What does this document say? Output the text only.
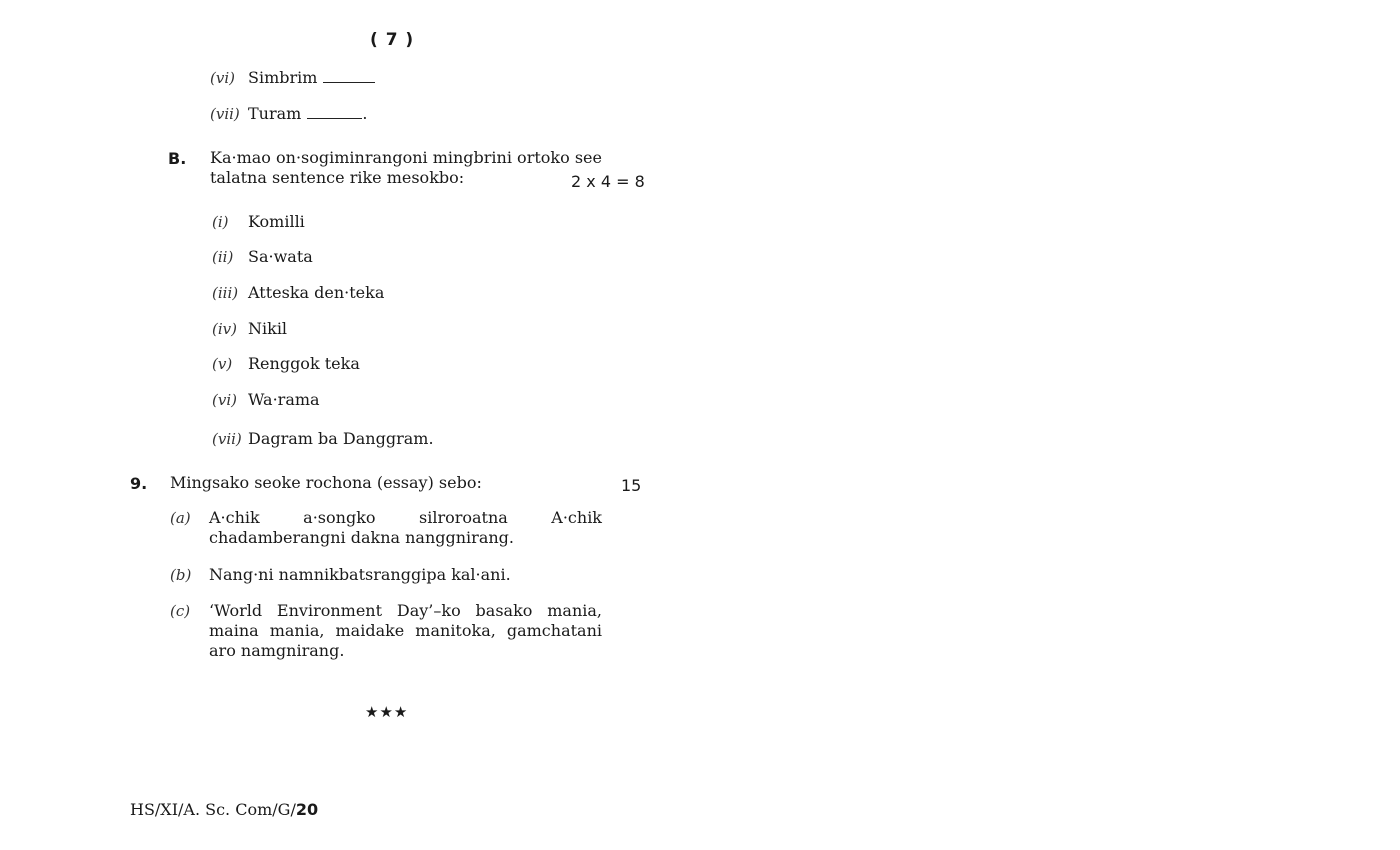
( 7 )
(vi) Simbrim
(vii) Turam	.
B. Ka·mao on·sogiminrangoni mingbrini ortoko see
talatna sentence rike mesokbo:	2 x 4 = 8
(i) Komilli
(ii) Sa·wata
(iii) Atteska den·teka
(iv) Nikil
(v) Renggok teka
(vi) Wa·rama
(vii) Dagram ba Danggram.
9. Mingsako seoke rochona (essay) sebo:	15
(a) A·chik a·songko silroroatna A·chik chadamberangni dakna nanggnirang.
(b) Nang·ni namnikbatsranggipa kal·ani.
(c) ‘World Environment Day’–ko basako mania, maina mania, maidake manitoka, gamchatani aro namgnirang.
★★★
HS/XI/A. Sc. Com/G/20
